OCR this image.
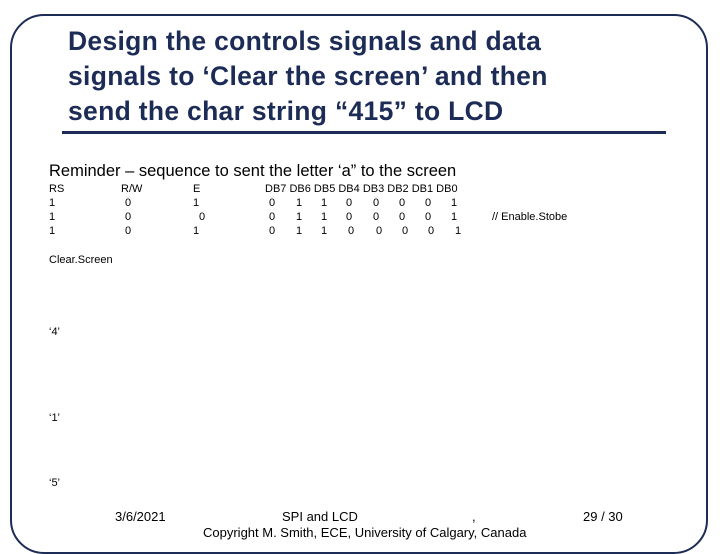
Design the controls signals and data
signals to ‘Clear the screen’ and then
send the char string “415” to LCD
Reminder – sequence to sent the letter ‘a” to the screen
RS	R/W	E	DB7 DB6 DB5 DB4 DB3 DB2 DB1 DB0
1	0	1	0 1 1 0 0 0 0 1
1	0	0	0 1 1 0 0 0 0 1	// Enable.Stobe
1	0	1	0 1 1 0 0 0 0 1
Clear.Screen
‘4’
‘1’
‘5’
3/6/2021	SPI and LCD	,	29 / 30
Copyright M. Smith, ECE, University of Calgary, Canada
